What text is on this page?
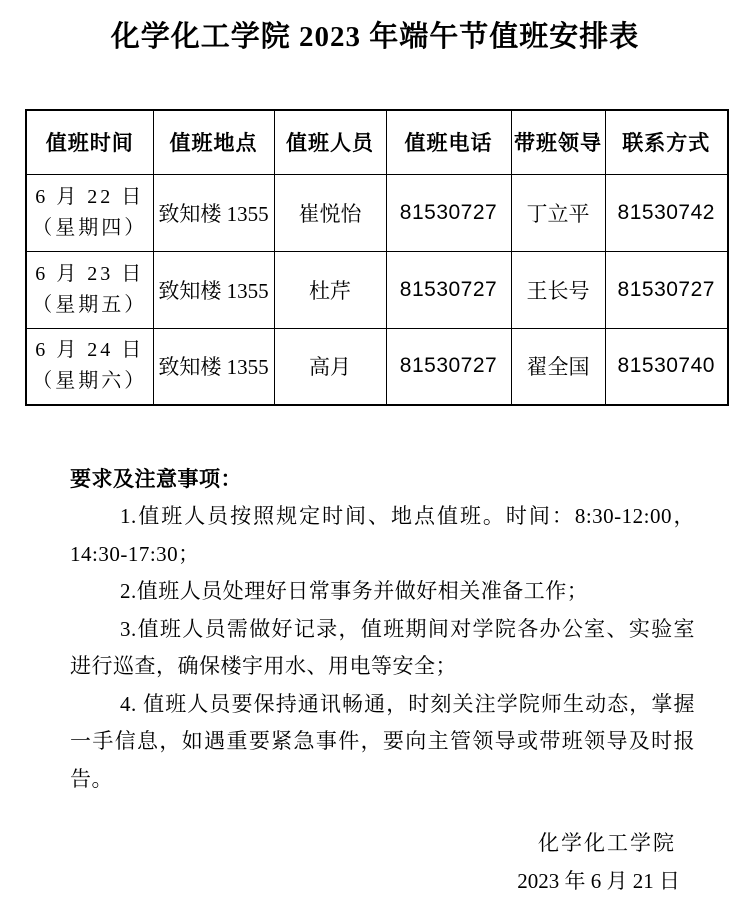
化学化工学院 2023 年端午节值班安排表
值班时间	值班地点	值班人员	值班电话	带班领导	联系方式

6 月 22 日
（星期四）	致知楼 1355	崔悦怡	81530727	丁立平	81530742

6 月 23 日
（星期五）	致知楼 1355	杜芹	81530727	王长号	81530727

6 月 24 日
（星期六）	致知楼 1355	高月	81530727	翟全国	81530740
要求及注意事项：

1.值班人员按照规定时间、地点值班。时间：8:30-12:00，14:30-17:30；

2.值班人员处理好日常事务并做好相关准备工作；

3.值班人员需做好记录，值班期间对学院各办公室、实验室进行巡查，确保楼宇用水、用电等安全；

4. 值班人员要保持通讯畅通，时刻关注学院师生动态，掌握一手信息，如遇重要紧急事件，要向主管领导或带班领导及时报告。

化学化工学院
2023 年 6 月 21 日
